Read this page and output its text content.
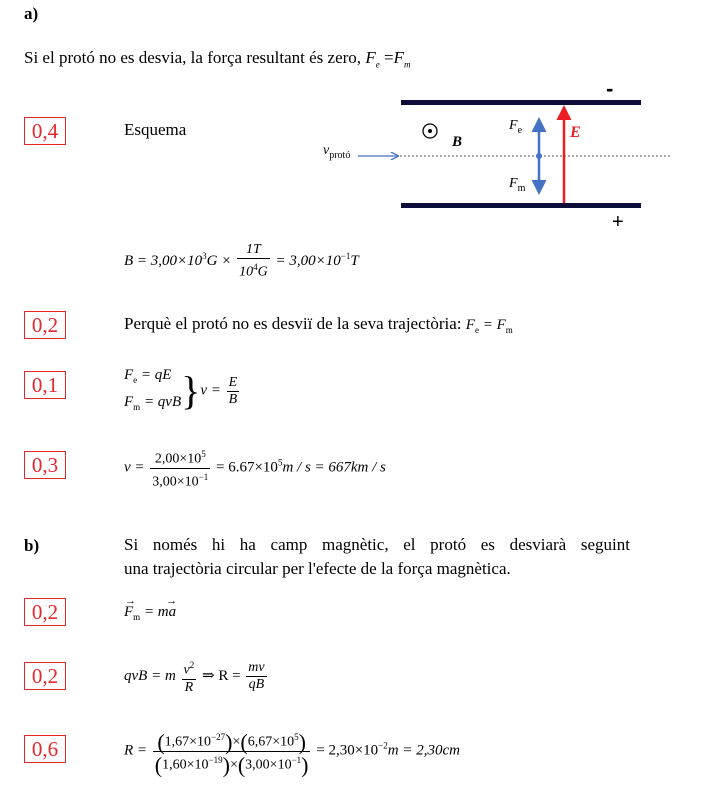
a)
Si el protó no es desvia, la força resultant és zero, $F_e =F_m$
0,4
0,2
0,1
0,3
0,2
0,2
0,6
Esquema
-
+
$v_{protó}$
B
$F_e$
$F_m$
E
$B = 3,00\times 10^3G \times \frac{1T}{10^4G} = 3,00\times 10^{-1}T$
Perquè el protó no es desviï de la seva trajectòria: $F_e = F_m$
$F_e$ = qE
$F_m$ = qvB }$v = \frac{E}{B}$
$v = \frac{2,00\times 10^5}{3,00\times 10^{-1}} = 6.67\times 10^5m / s = 667km / s$
b)	Si només hi ha camp magnètic, el protó es desviarà seguint
una trajectòria circular per l'efecte de la força magnètica.
→
$F_m$ = ma
→
qvB = m $\frac{v^2}{R}$ ⇒ $R = \frac{mv}{qB}$
$R = \frac{(1,67\times 10^{-27})\times(6,67\times 10^5)}{(1,60\times 10^{-19})\times(3,00\times 10^{-1})} = 2,30\times 10^{-2}m = 2,30cm$
